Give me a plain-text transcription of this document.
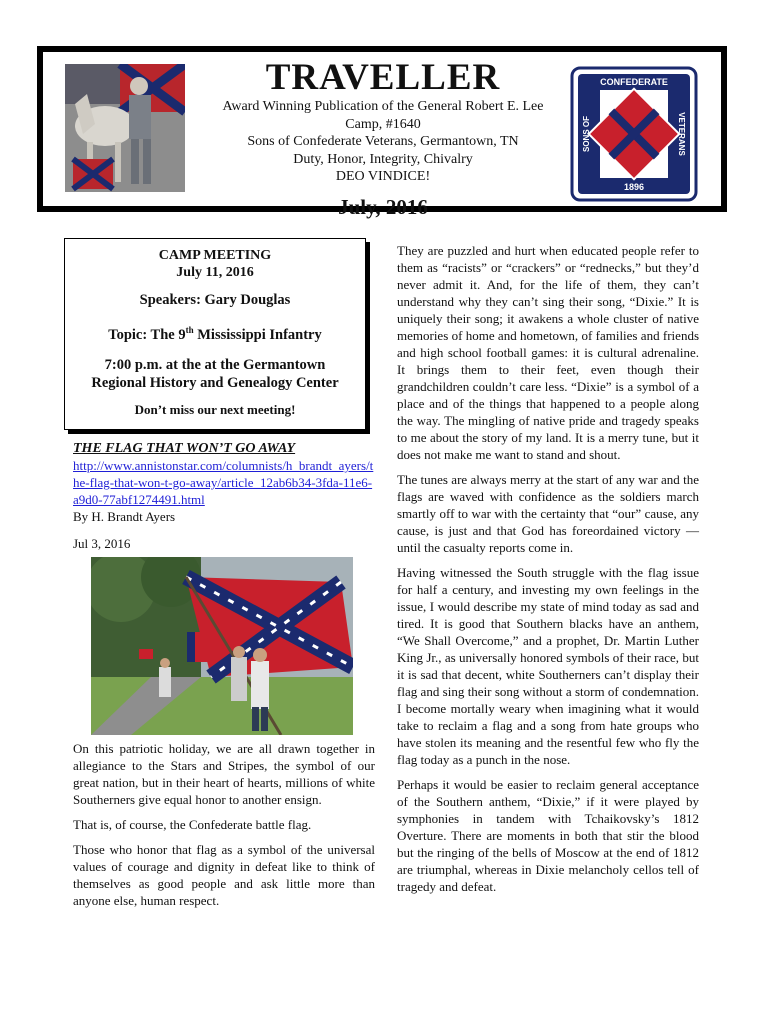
TRAVELLER
Award Winning Publication of the General Robert E. Lee
Camp, #1640
Sons of Confederate Veterans, Germantown, TN
Duty, Honor, Integrity, Chivalry
DEO VINDICE!
July, 2016
CONFEDERATE
1896
SONS OF	VETERANS

CAMP MEETING

July 11, 2016

Speakers: Gary Douglas

Topic: The 9th Mississippi Infantry

7:00 p.m. at the at the Germantown

Regional History and Genealogy Center

Don’t miss our next meeting!

THE FLAG THAT WON’T GO AWAY

http://www.annistonstar.com/columnists/h_brandt_ayers/the-flag-that-won-t-go-away/article_12ab6b34-3fda-11e6-a9d0-77abf1274491.html

By H. Brandt Ayers

Jul 3, 2016

On this patriotic holiday, we are all drawn together in allegiance to the Stars and Stripes, the symbol of our great nation, but in their heart of hearts, millions of white Southerners give equal honor to another ensign.

That is, of course, the Confederate battle flag.

Those who honor that flag as a symbol of the universal values of courage and dignity in defeat like to think of themselves as good people and ask little more than anyone else, human respect.

They are puzzled and hurt when educated people refer to them as “racists” or “crackers” or “rednecks,” but they’d never admit it. And, for the life of them, they can’t understand why they can’t sing their song, “Dixie.” It is uniquely their song; it awakens a whole cluster of native memories of home and hometown, of families and friends and high school football games: it is cultural adrenaline. It brings them to their feet, even though their grandchildren couldn’t care less. “Dixie” is a symbol of a place and of the things that happened to a people along the way. The mingling of native pride and tragedy speaks to me about the story of my land. It is a merry tune, but it does not make me want to stand and shout.

The tunes are always merry at the start of any war and the flags are waved with confidence as the soldiers march smartly off to war with the certainty that “our” cause, any cause, is just and that God has foreordained victory — until the casualty reports come in.

Having witnessed the South struggle with the flag issue for half a century, and investing my own feelings in the issue, I would describe my state of mind today as sad and tired. It is good that Southern blacks have an anthem, “We Shall Overcome,” and a prophet, Dr. Martin Luther King Jr., as universally honored symbols of their race, but it is sad that decent, white Southerners can’t display their flag and sing their song without a storm of condemnation. I become mortally weary when imagining what it would take to reclaim a flag and a song from hate groups who have stolen its meaning and the resentful few who fly the flag today as a punch in the nose.

Perhaps it would be easier to reclaim general acceptance of the Southern anthem, “Dixie,” if it were played by symphonies in tandem with Tchaikovsky’s 1812 Overture. There are moments in both that stir the blood but the ringing of the bells of Moscow at the end of 1812 are triumphal, whereas in Dixie melancholy cellos tell of tragedy and defeat.
